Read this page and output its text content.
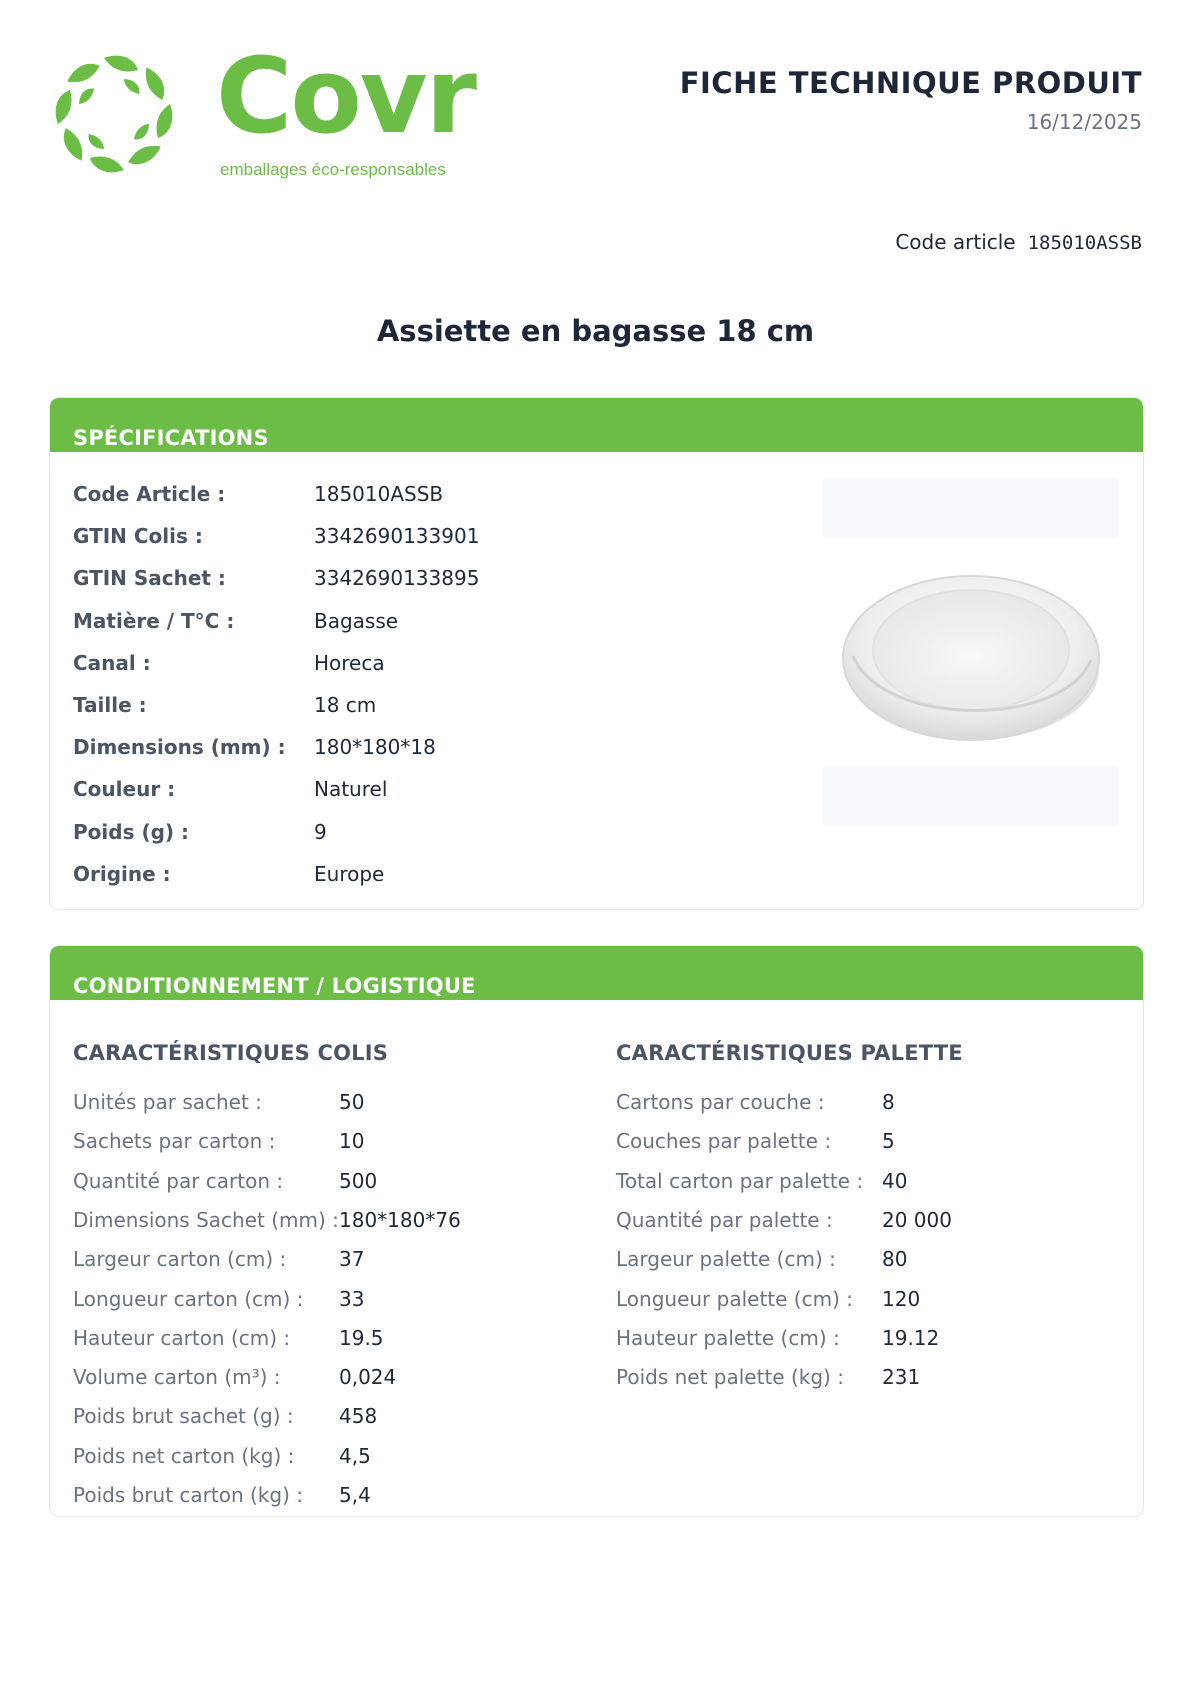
Covr
emballages éco-responsables
FICHE TECHNIQUE PRODUIT
16/12/2025
Code article 185010ASSB
Assiette en bagasse 18 cm
SPÉCIFICATIONS
Code Article :	185010ASSB
GTIN Colis :	3342690133901
GTIN Sachet :	3342690133895
Matière / T°C :	Bagasse
Canal :	Horeca
Taille :	18 cm
Dimensions (mm) : 180*180*18
Couleur :	Naturel
Poids (g) :	9
Origine :	Europe
CONDITIONNEMENT / LOGISTIQUE
CARACTÉRISTIQUES COLIS	CARACTÉRISTIQUES PALETTE
Unités par sachet :	50
Sachets par carton :	10
Quantité par carton :	500
Dimensions Sachet (mm) : 180*180*76
Largeur carton (cm) :	37
Longueur carton (cm) : 33
Hauteur carton (cm) : 19.5
Volume carton (m³) :	0,024
Poids brut sachet (g) : 458
Poids net carton (kg) : 4,5
Poids brut carton (kg) : 5,4
Cartons par couche :	8
Couches par palette :	5
Total carton par palette : 40
Quantité par palette : 20 000
Largeur palette (cm) : 80
Longueur palette (cm) : 120
Hauteur palette (cm) : 19.12
Poids net palette (kg) : 231
